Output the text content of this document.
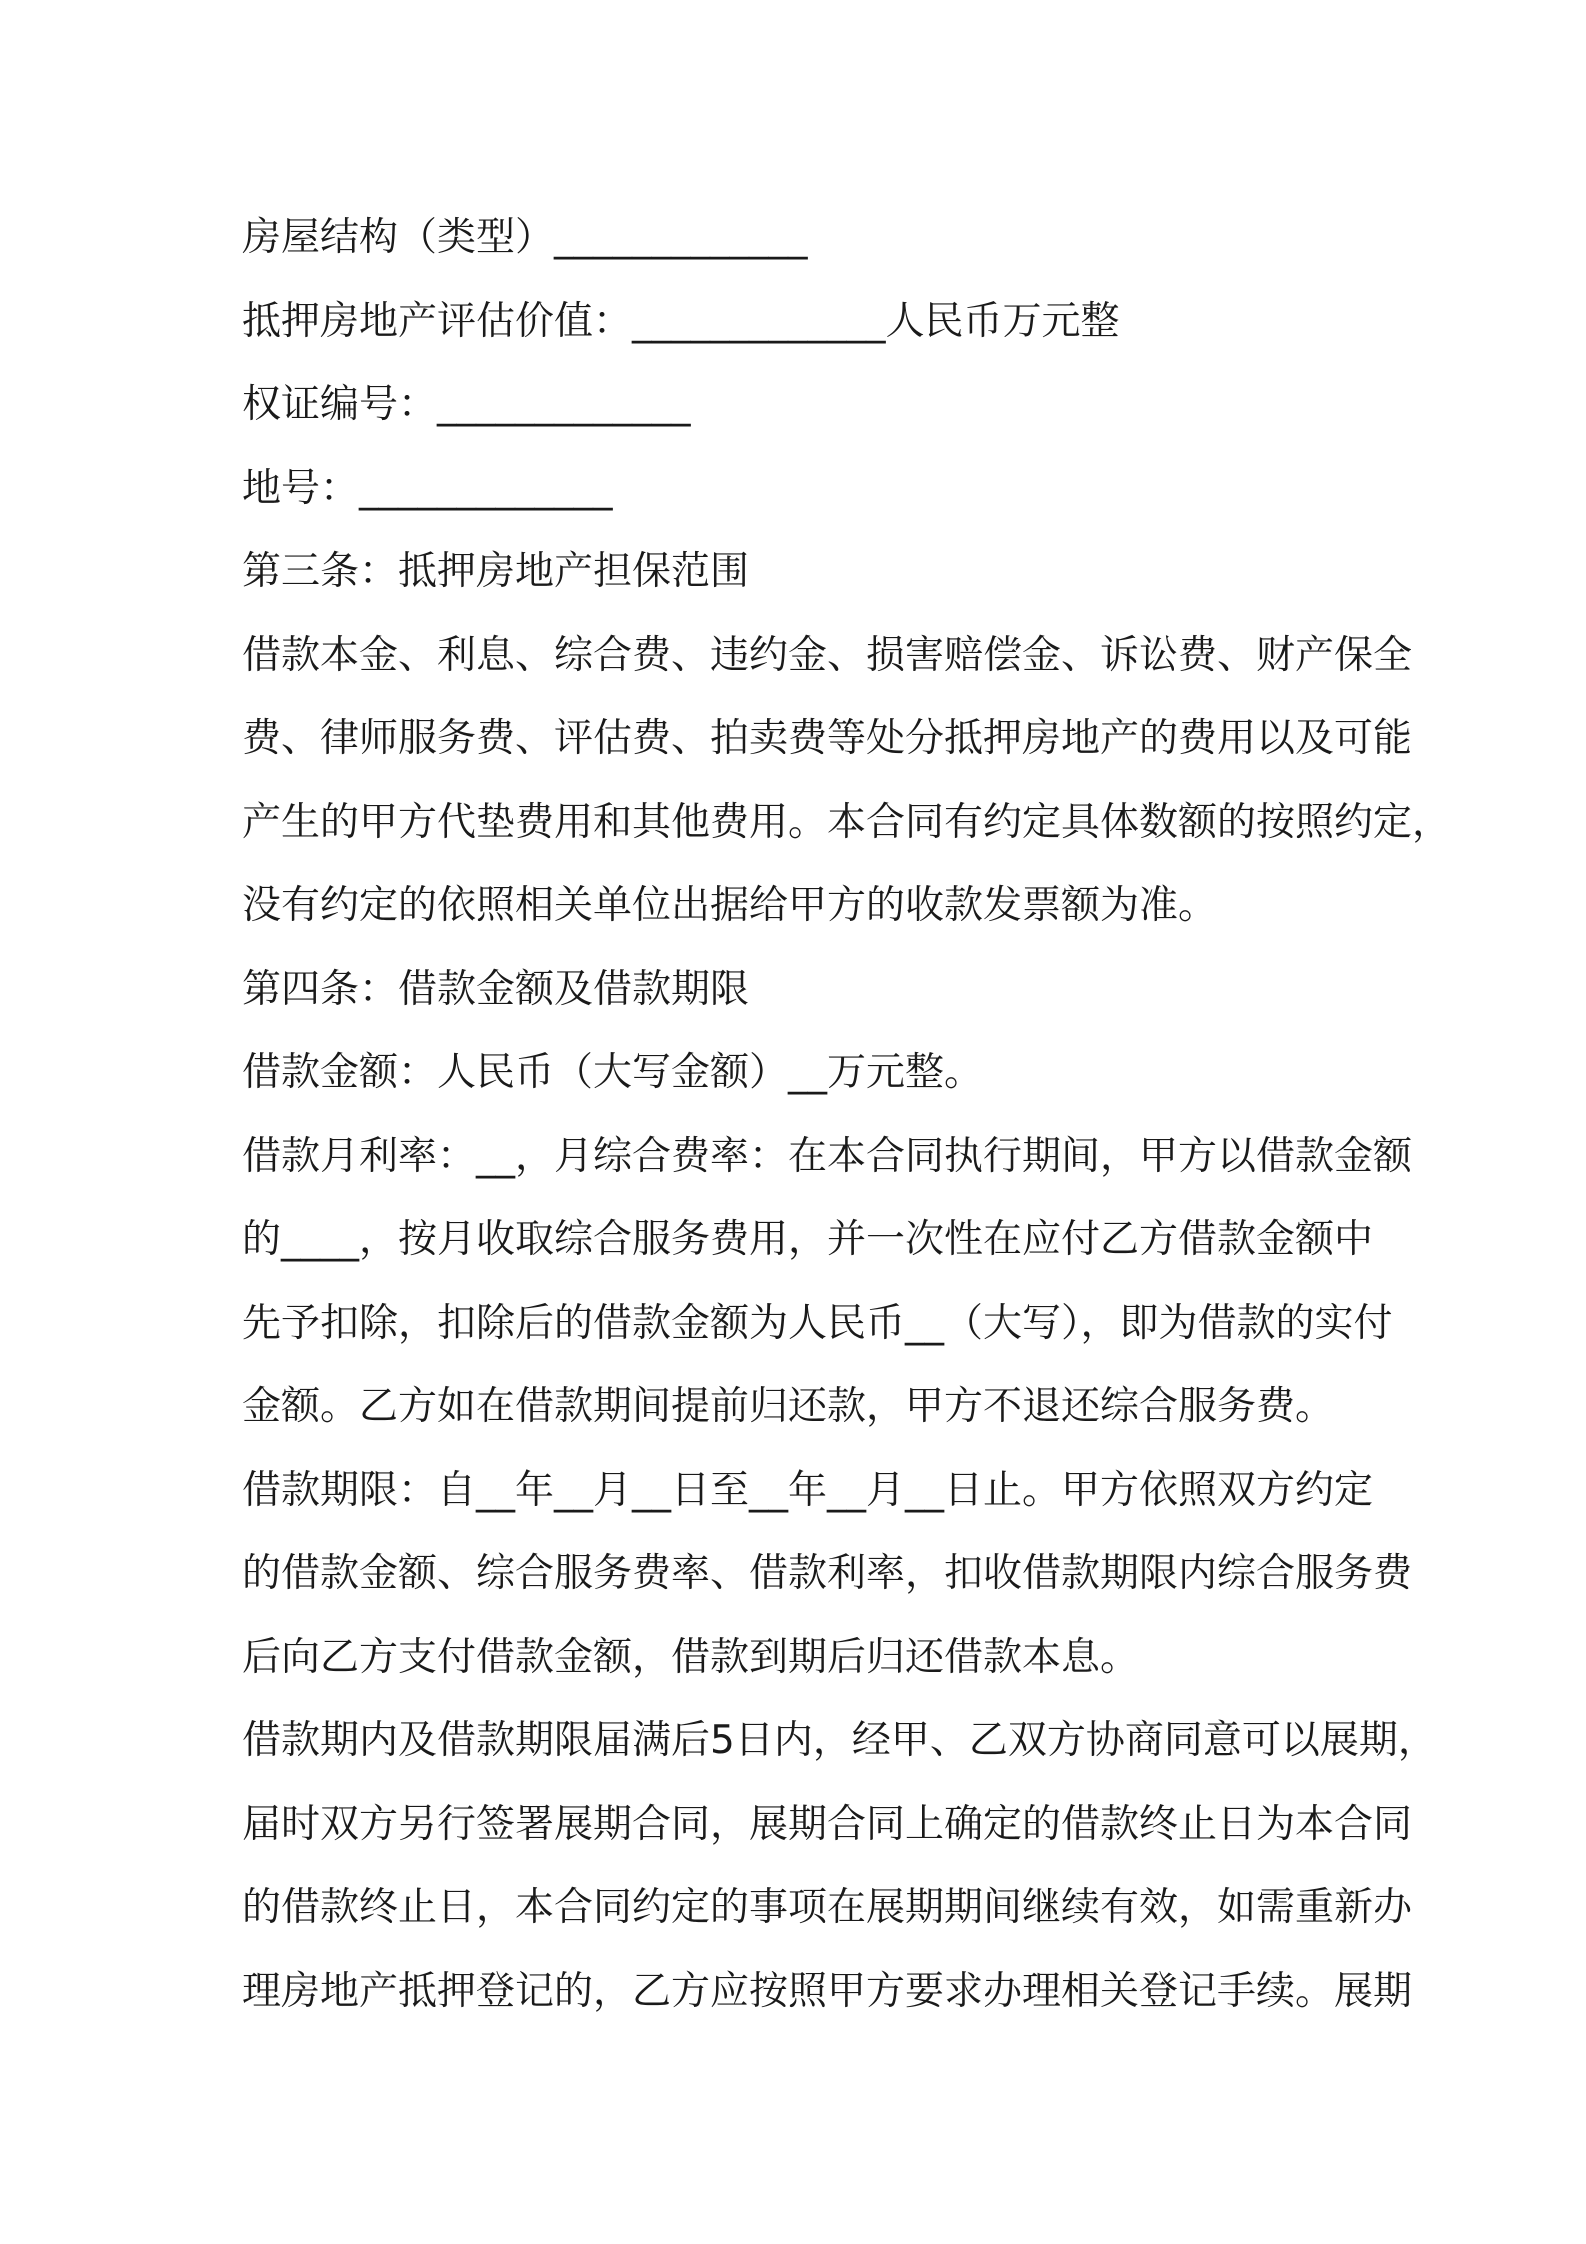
房屋结构（类型）_____________
抵押房地产评估价值：_____________人民币万元整
权证编号：_____________
地号：_____________
第三条：抵押房地产担保范围
借款本金、利息、综合费、违约金、损害赔偿金、诉讼费、财产保全
费、律师服务费、评估费、拍卖费等处分抵押房地产的费用以及可能
产生的甲方代垫费用和其他费用。本合同有约定具体数额的按照约定，
没有约定的依照相关单位出据给甲方的收款发票额为准。
第四条：借款金额及借款期限
借款金额：人民币（大写金额）__万元整。
借款月利率：__，月综合费率：在本合同执行期间，甲方以借款金额
的____，按月收取综合服务费用，并一次性在应付乙方借款金额中
先予扣除，扣除后的借款金额为人民币__（大写），即为借款的实付
金额。乙方如在借款期间提前归还款，甲方不退还综合服务费。
借款期限：自__年__月__日至__年__月__日止。甲方依照双方约定
的借款金额、综合服务费率、借款利率，扣收借款期限内综合服务费
后向乙方支付借款金额，借款到期后归还借款本息。
借款期内及借款期限届满后5日内，经甲、乙双方协商同意可以展期，
届时双方另行签署展期合同，展期合同上确定的借款终止日为本合同
的借款终止日，本合同约定的事项在展期期间继续有效，如需重新办
理房地产抵押登记的，乙方应按照甲方要求办理相关登记手续。展期
